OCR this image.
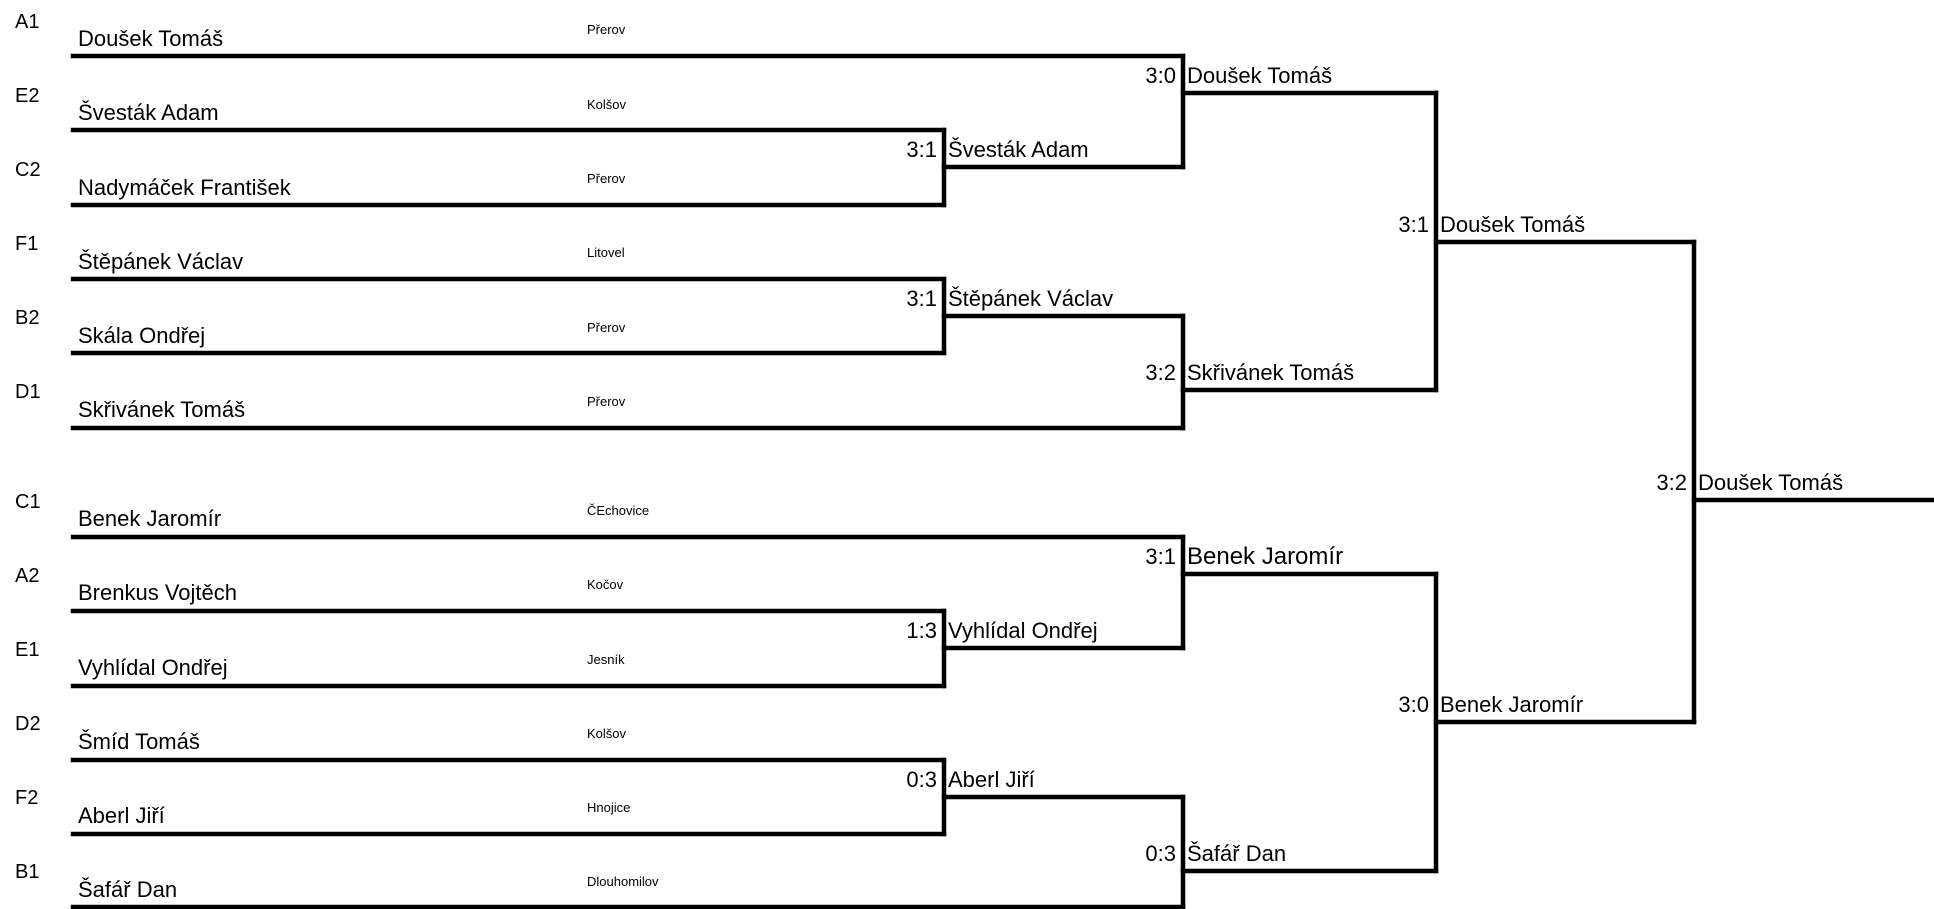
A1
Doušek Tomáš	Přerov
E2
Švesták Adam	Kolšov
C2
Nadymáček František	Přerov
F1
Štěpánek Václav	Litovel
B2
Skála Ondřej	Přerov
D1
Skřivánek Tomáš	Přerov
C1
Benek Jaromír	ČEchovice
A2
Brenkus Vojtěch	Kočov
E1
Vyhlídal Ondřej	Jesník
D2
Šmíd Tomáš	Kolšov
F2
Aberl Jiří	Hnojice
B1
Šafář Dan	Dlouhomilov
3:1 Švesták Adam
3:1 Štěpánek Václav
1:3 Vyhlídal Ondřej
0:3 Aberl Jiří
3:0 Doušek Tomáš
3:2 Skřivánek Tomáš
3:1 Benek Jaromír
0:3 Šafář Dan
3:1 Doušek Tomáš
3:0 Benek Jaromír
3:2 Doušek Tomáš
